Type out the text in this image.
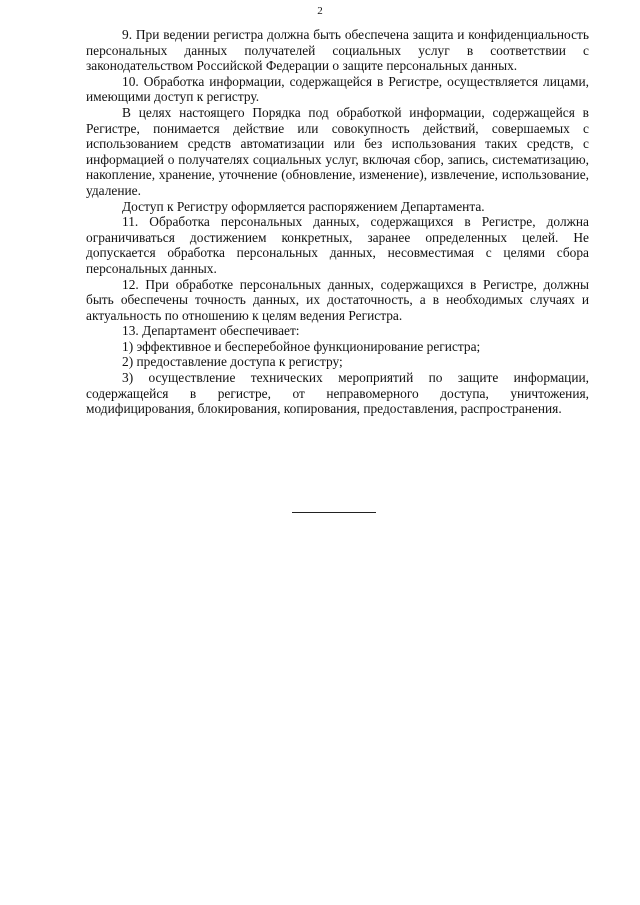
2

9. При ведении регистра должна быть обеспечена защита и конфиденциальность персональных данных получателей социальных услуг в соответствии с законодательством Российской Федерации о защите персональных данных.

10. Обработка информации, содержащейся в Регистре, осуществляется лицами, имеющими доступ к регистру.

В целях настоящего Порядка под обработкой информации, содержащейся в Регистре, понимается действие или совокупность действий, совершаемых с использованием средств автоматизации или без использования таких средств, с информацией о получателях социальных услуг, включая сбор, запись, систематизацию, накопление, хранение, уточнение (обновление, изменение), извлечение, использование, удаление.

Доступ к Регистру оформляется распоряжением Департамента.

11. Обработка персональных данных, содержащихся в Регистре, должна ограничиваться достижением конкретных, заранее определенных целей. Не допускается обработка персональных данных, несовместимая с целями сбора персональных данных.

12. При обработке персональных данных, содержащихся в Регистре, должны быть обеспечены точность данных, их достаточность, а в необходимых случаях и актуальность по отношению к целям ведения Регистра.

13. Департамент обеспечивает:

1) эффективное и бесперебойное функционирование регистра;

2) предоставление доступа к регистру;

3) осуществление технических мероприятий по защите информации, содержащейся в регистре, от неправомерного доступа, уничтожения, модифицирования, блокирования, копирования, предоставления, распространения.
